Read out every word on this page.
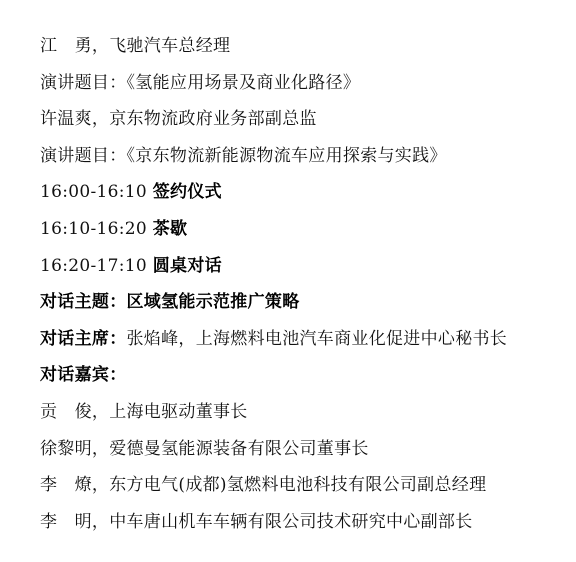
江　勇，飞驰汽车总经理
演讲题目：《氢能应用场景及商业化路径》
许温爽，京东物流政府业务部副总监
演讲题目：《京东物流新能源物流车应用探索与实践》
16:00-16:10 签约仪式
16:10-16:20 茶歇
16:20-17:10 圆桌对话
对话主题：区域氢能示范推广策略
对话主席：张焰峰，上海燃料电池汽车商业化促进中心秘书长
对话嘉宾：
贡　俊，上海电驱动董事长
徐黎明，爱德曼氢能源装备有限公司董事长
李　燎，东方电气(成都)氢燃料电池科技有限公司副总经理
李　明，中车唐山机车车辆有限公司技术研究中心副部长
